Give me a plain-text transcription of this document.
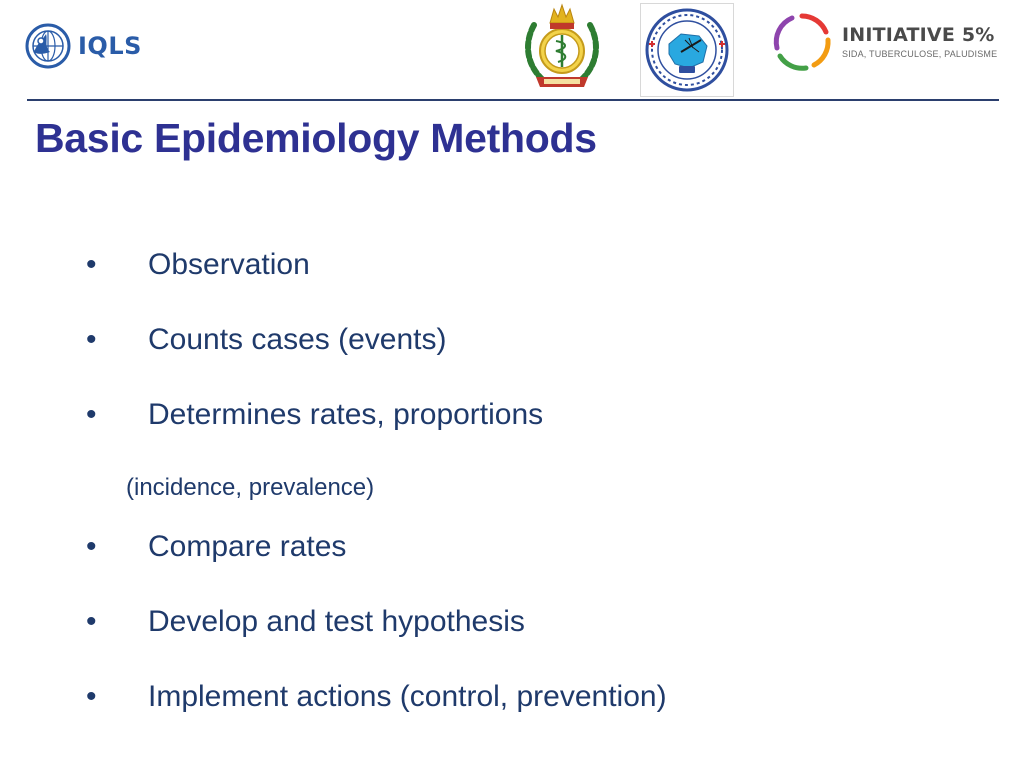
IQLS	INITIATIVE 5%
SIDA, TUBERCULOSE, PALUDISME
Basic Epidemiology Methods
• Observation
• Counts cases (events)
• Determines rates, proportions
• Compare rates
• Develop and test hypothesis
• Implement actions (control, prevention)
(incidence, prevalence)
